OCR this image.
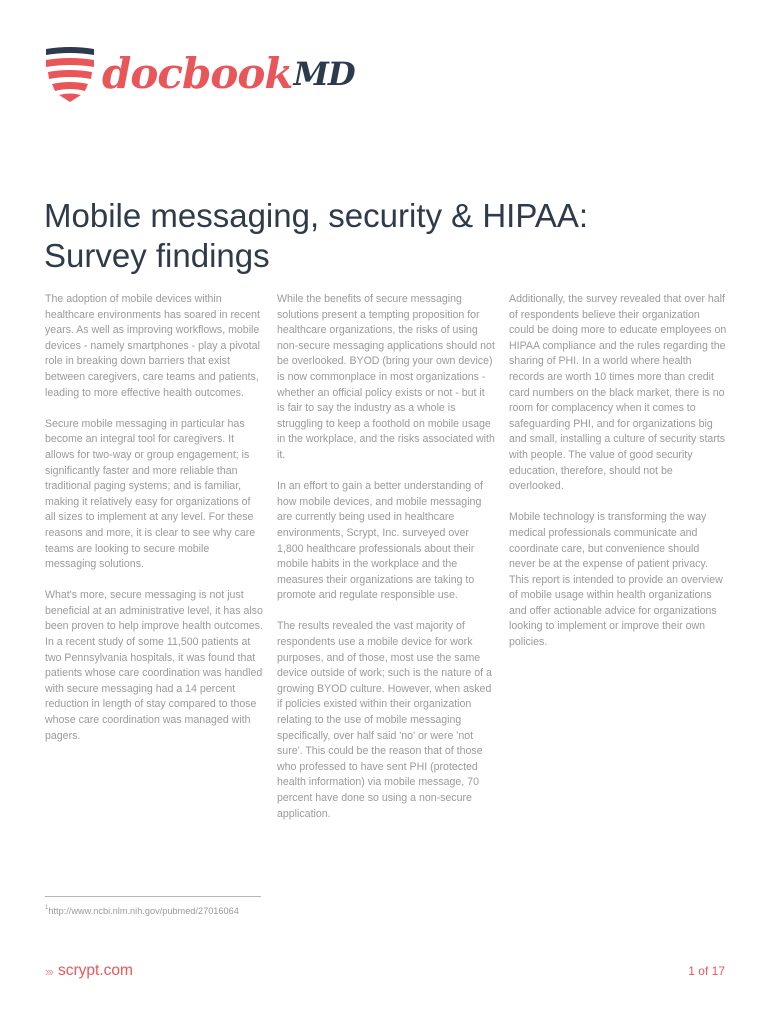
docbook MD
Mobile messaging, security & HIPAA:
Survey findings

The adoption of mobile devices within healthcare environments has soared in recent years. As well as improving workflows, mobile devices - namely smartphones - play a pivotal role in breaking down barriers that exist between caregivers, care teams and patients, leading to more effective health outcomes.

Secure mobile messaging in particular has become an integral tool for caregivers. It allows for two-way or group engagement; is significantly faster and more reliable than traditional paging systems; and is familiar, making it relatively easy for organizations of all sizes to implement at any level. For these reasons and more, it is clear to see why care teams are looking to secure mobile messaging solutions.

What's more, secure messaging is not just beneficial at an administrative level, it has also been proven to help improve health outcomes. In a recent study of some 11,500 patients at two Pennsylvania hospitals, it was found that patients whose care coordination was handled with secure messaging had a 14 percent reduction in length of stay compared to those whose care coordination was managed with pagers.

While the benefits of secure messaging solutions present a tempting proposition for healthcare organizations, the risks of using non-secure messaging applications should not be overlooked. BYOD (bring your own device) is now commonplace in most organizations - whether an official policy exists or not - but it is fair to say the industry as a whole is struggling to keep a foothold on mobile usage in the workplace, and the risks associated with it.

In an effort to gain a better understanding of how mobile devices, and mobile messaging are currently being used in healthcare environments, Scrypt, Inc. surveyed over 1,800 healthcare professionals about their mobile habits in the workplace and the measures their organizations are taking to promote and regulate responsible use.

The results revealed the vast majority of respondents use a mobile device for work purposes, and of those, most use the same device outside of work; such is the nature of a growing BYOD culture. However, when asked if policies existed within their organization relating to the use of mobile messaging specifically, over half said 'no' or were 'not sure'. This could be the reason that of those who professed to have sent PHI (protected health information) via mobile message, 70 percent have done so using a non-secure application.

Additionally, the survey revealed that over half of respondents believe their organization could be doing more to educate employees on HIPAA compliance and the rules regarding the sharing of PHI. In a world where health records are worth 10 times more than credit card numbers on the black market, there is no room for complacency when it comes to safeguarding PHI, and for organizations big and small, installing a culture of security starts with people. The value of good security education, therefore, should not be overlooked.

Mobile technology is transforming the way medical professionals communicate and coordinate care, but convenience should never be at the expense of patient privacy. This report is intended to provide an overview of mobile usage within health organizations and offer actionable advice for organizations looking to implement or improve their own policies.

$^1$http://www.ncbi.nlm.nih.gov/pubmed/27016064
››› scrypt.com	1 of 17
